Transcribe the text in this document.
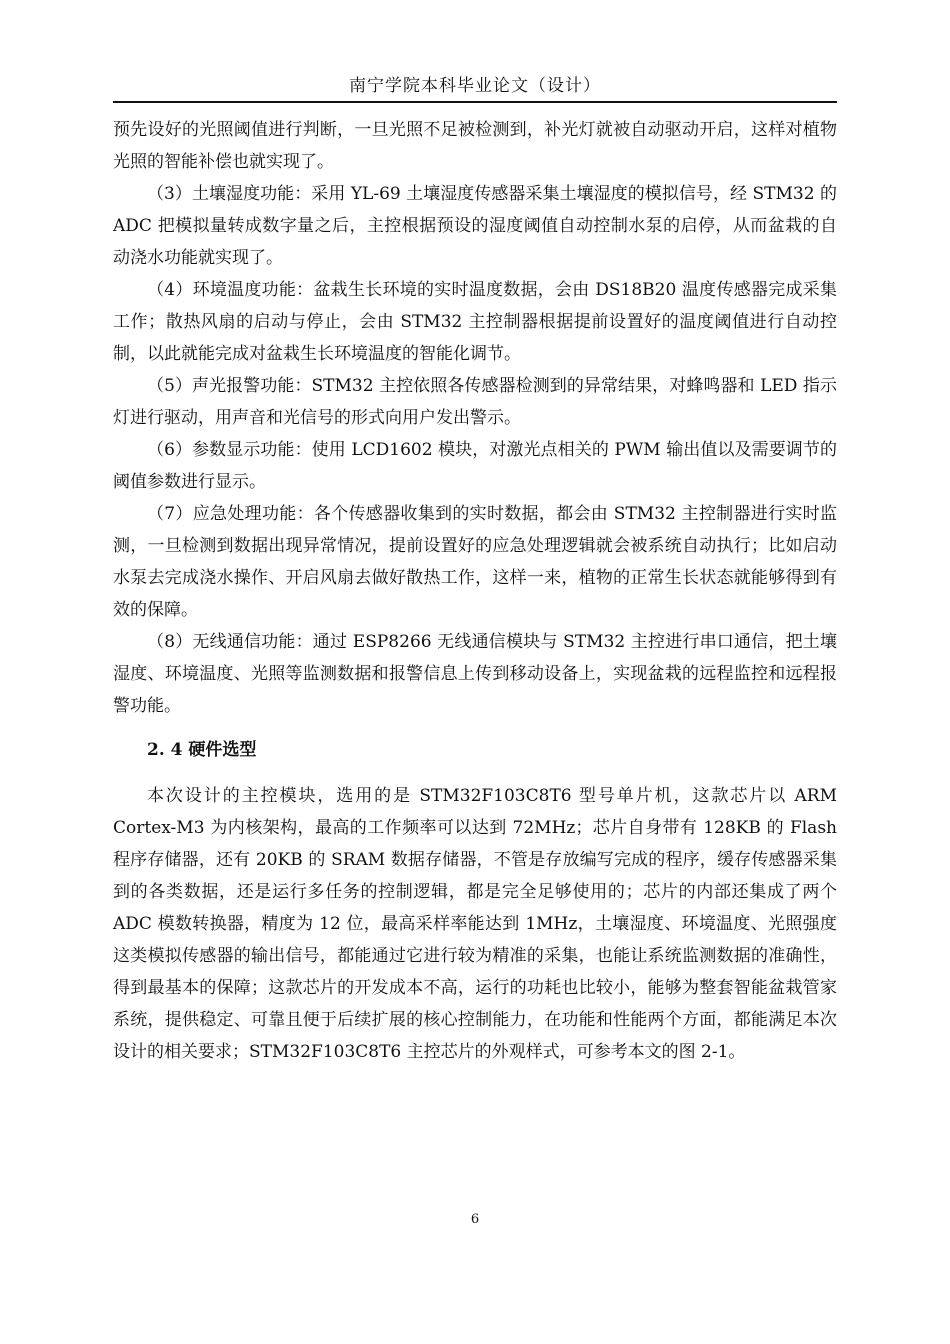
南宁学院本科毕业论文（设计）

预先设好的光照阈值进行判断，一旦光照不足被检测到，补光灯就被自动驱动开启，这样对植物光照的智能补偿也就实现了。

（3）土壤湿度功能：采用 YL-69 土壤湿度传感器采集土壤湿度的模拟信号，经 STM32 的 ADC 把模拟量转成数字量之后，主控根据预设的湿度阈值自动控制水泵的启停，从而盆栽的自动浇水功能就实现了。

（4）环境温度功能：盆栽生长环境的实时温度数据，会由 DS18B20 温度传感器完成采集工作；散热风扇的启动与停止，会由 STM32 主控制器根据提前设置好的温度阈值进行自动控制，以此就能完成对盆栽生长环境温度的智能化调节。

（5）声光报警功能：STM32 主控依照各传感器检测到的异常结果，对蜂鸣器和 LED 指示灯进行驱动，用声音和光信号的形式向用户发出警示。

（6）参数显示功能：使用 LCD1602 模块，对激光点相关的 PWM 输出值以及需要调节的阈值参数进行显示。

（7）应急处理功能：各个传感器收集到的实时数据，都会由 STM32 主控制器进行实时监测，一旦检测到数据出现异常情况，提前设置好的应急处理逻辑就会被系统自动执行；比如启动水泵去完成浇水操作、开启风扇去做好散热工作，这样一来，植物的正常生长状态就能够得到有效的保障。

（8）无线通信功能：通过 ESP8266 无线通信模块与 STM32 主控进行串口通信，把土壤湿度、环境温度、光照等监测数据和报警信息上传到移动设备上，实现盆栽的远程监控和远程报警功能。

2. 4 硬件选型

本次设计的主控模块，选用的是 STM32F103C8T6 型号单片机，这款芯片以 ARM Cortex-M3 为内核架构，最高的工作频率可以达到 72MHz；芯片自身带有 128KB 的 Flash 程序存储器，还有 20KB 的 SRAM 数据存储器，不管是存放编写完成的程序，缓存传感器采集到的各类数据，还是运行多任务的控制逻辑，都是完全足够使用的；芯片的内部还集成了两个 ADC 模数转换器，精度为 12 位，最高采样率能达到 1MHz，土壤湿度、环境温度、光照强度这类模拟传感器的输出信号，都能通过它进行较为精准的采集，也能让系统监测数据的准确性，得到最基本的保障；这款芯片的开发成本不高，运行的功耗也比较小，能够为整套智能盆栽管家系统，提供稳定、可靠且便于后续扩展的核心控制能力，在功能和性能两个方面，都能满足本次设计的相关要求；STM32F103C8T6 主控芯片的外观样式，可参考本文的图 2-1。

6
